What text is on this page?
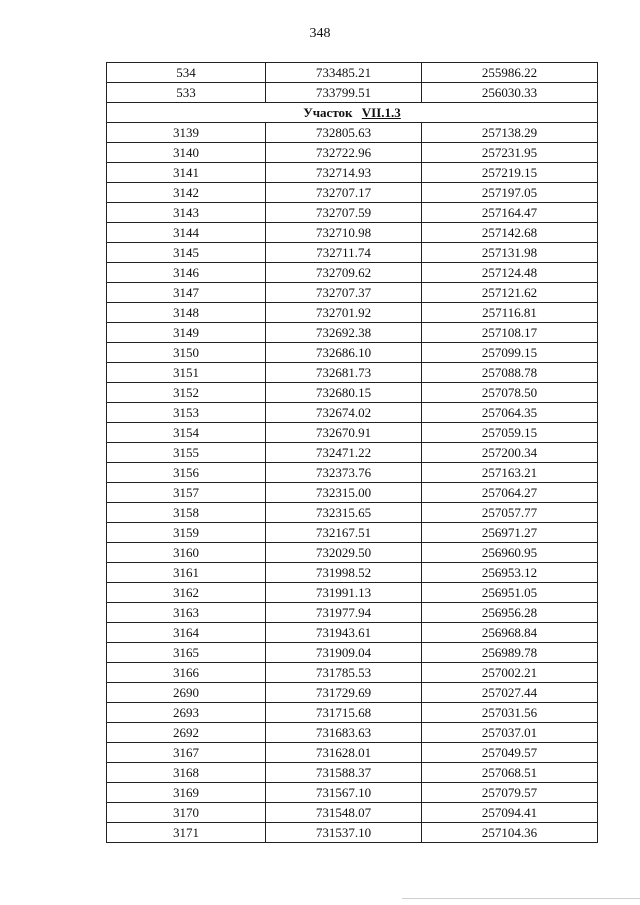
348
534	733485.21	255986.22
533	733799.51	256030.33
Участок VII.1.3		
3139	732805.63	257138.29
3140	732722.96	257231.95
3141	732714.93	257219.15
3142	732707.17	257197.05
3143	732707.59	257164.47
3144	732710.98	257142.68
3145	732711.74	257131.98
3146	732709.62	257124.48
3147	732707.37	257121.62
3148	732701.92	257116.81
3149	732692.38	257108.17
3150	732686.10	257099.15
3151	732681.73	257088.78
3152	732680.15	257078.50
3153	732674.02	257064.35
3154	732670.91	257059.15
3155	732471.22	257200.34
3156	732373.76	257163.21
3157	732315.00	257064.27
3158	732315.65	257057.77
3159	732167.51	256971.27
3160	732029.50	256960.95
3161	731998.52	256953.12
3162	731991.13	256951.05
3163	731977.94	256956.28
3164	731943.61	256968.84
3165	731909.04	256989.78
3166	731785.53	257002.21
2690	731729.69	257027.44
2693	731715.68	257031.56
2692	731683.63	257037.01
3167	731628.01	257049.57
3168	731588.37	257068.51
3169	731567.10	257079.57
3170	731548.07	257094.41
3171	731537.10	257104.36
